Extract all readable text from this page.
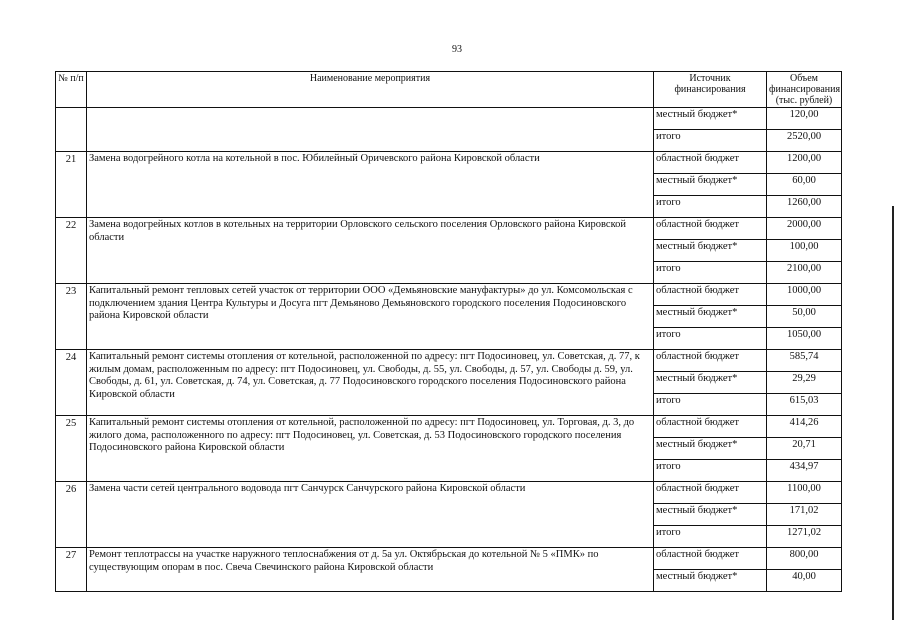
93
№ п/п	Наименование мероприятия	Источник финансирования	Объем финансирования (тыс. рублей)
		местный бюджет*	120,00
		итого	2520,00
21	Замена водогрейного котла на котельной в пос. Юбилейный Оричевского района Кировской области	областной бюджет	1200,00
		местный бюджет*	60,00
		итого	1260,00
22	Замена водогрейных котлов в котельных на территории Орловского сельского поселения Орловского района Кировской области	областной бюджет	2000,00
		местный бюджет*	100,00
		итого	2100,00
23	Капитальный ремонт тепловых сетей участок от территории ООО «Демьяновские мануфактуры» до ул. Комсомольская с подключением здания Центра Культуры и Досуга пгт Демьяново Демьяновского городского поселения Подосиновского района Кировской области	областной бюджет	1000,00
		местный бюджет*	50,00
		итого	1050,00
24	Капитальный ремонт системы отопления от котельной, расположенной по адресу: пгт Подосиновец, ул. Советская, д. 77, к жилым домам, расположенным по адресу: пгт Подосиновец, ул. Свободы, д. 55, ул. Свободы, д. 57, ул. Свободы д. 59, ул. Свободы, д. 61, ул. Советская, д. 74, ул. Советская, д. 77 Подосиновского городского поселения Подосиновского района Кировской области	областной бюджет	585,74
		местный бюджет*	29,29
		итого	615,03
25	Капитальный ремонт системы отопления от котельной, расположенной по адресу: пгт Подосиновец, ул. Торговая, д. 3, до жилого дома, расположенного по адресу: пгт Подосиновец, ул. Советская, д. 53 Подосиновского городского поселения Подосиновского района Кировской области	областной бюджет	414,26
		местный бюджет*	20,71
		итого	434,97
26	Замена части сетей центрального водовода пгт Санчурск Санчурского района Кировской области	областной бюджет	1100,00
		местный бюджет*	171,02
		итого	1271,02
27	Ремонт теплотрассы на участке наружного теплоснабжения от д. 5а ул. Октябрьская до котельной № 5 «ПМК» по существующим опорам в пос. Свеча Свечинского района Кировской области	областной бюджет	800,00
		местный бюджет*	40,00
